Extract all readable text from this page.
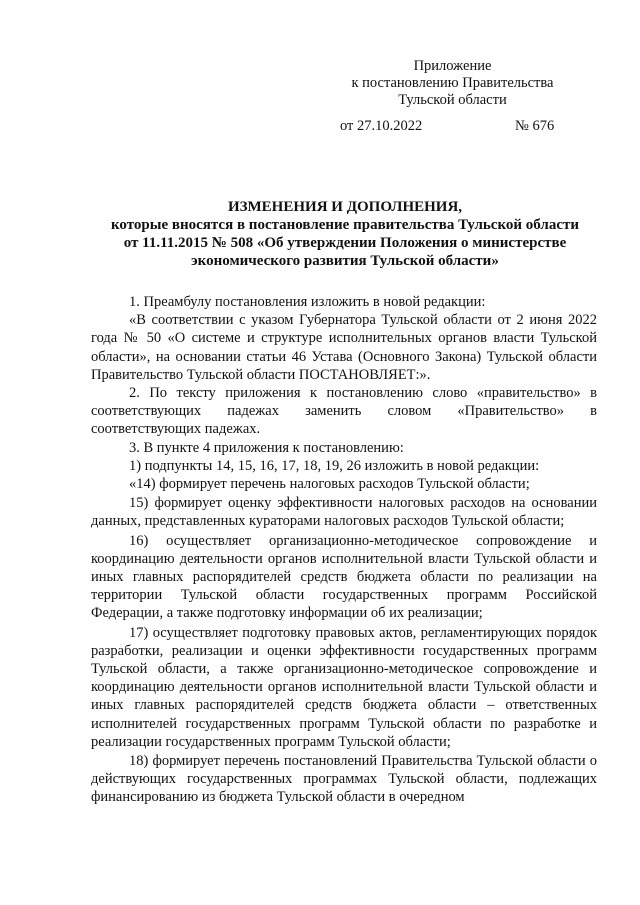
Приложение
к постановлению Правительства
Тульской области
от 27.10.2022	№ 676
ИЗМЕНЕНИЯ И ДОПОЛНЕНИЯ,
которые вносятся в постановление правительства Тульской области
от 11.11.2015 № 508 «Об утверждении Положения о министерстве
экономического развития Тульской области»

1. Преамбулу постановления изложить в новой редакции:

«В соответствии с указом Губернатора Тульской области от 2 июня 2022 года № 50 «О системе и структуре исполнительных органов власти Тульской области», на основании статьи 46 Устава (Основного Закона) Тульской области Правительство Тульской области ПОСТАНОВЛЯЕТ:».

2. По тексту приложения к постановлению слово «правительство» в соответствующих падежах заменить словом «Правительство» в соответствующих падежах.

3. В пункте 4 приложения к постановлению:

1) подпункты 14, 15, 16, 17, 18, 19, 26 изложить в новой редакции:

«14) формирует перечень налоговых расходов Тульской области;

15) формирует оценку эффективности налоговых расходов на основании данных, представленных кураторами налоговых расходов Тульской области;

16) осуществляет организационно-методическое сопровождение и координацию деятельности органов исполнительной власти Тульской области и иных главных распорядителей средств бюджета области по реализации на территории Тульской области государственных программ Российской Федерации, а также подготовку информации об их реализации;

17) осуществляет подготовку правовых актов, регламентирующих порядок разработки, реализации и оценки эффективности государственных программ Тульской области, а также организационно-методическое сопровождение и координацию деятельности органов исполнительной власти Тульской области и иных главных распорядителей средств бюджета области – ответственных исполнителей государственных программ Тульской области по разработке и реализации государственных программ Тульской области;

18) формирует перечень постановлений Правительства Тульской области о действующих государственных программах Тульской области, подлежащих финансированию из бюджета Тульской области в очередном
